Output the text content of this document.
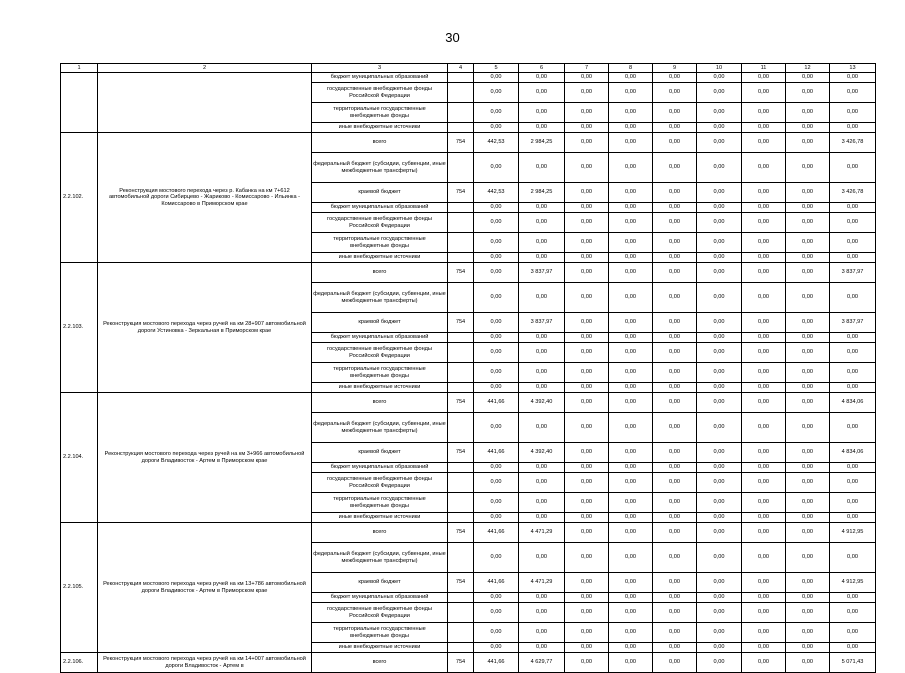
30
1	2	3	4	5	6	7	8	9	10	11	12	13
		бюджет муниципальных образований		0,00	0,00	0,00	0,00	0,00	0,00	0,00	0,00	0,00
		государственные внебюджетные фонды Российской Федерации		0,00	0,00	0,00	0,00	0,00	0,00	0,00	0,00	0,00
		территориальные государственные внебюджетные фонды		0,00	0,00	0,00	0,00	0,00	0,00	0,00	0,00	0,00
		иные внебюджетные источники		0,00	0,00	0,00	0,00	0,00	0,00	0,00	0,00	0,00
2.2.102.	Реконструкция мостового перехода через р. Кабанка на км 7+612 автомобильной дороги Сибирцево - Жариково - Комиссарово - Ильинка - Комиссарово в Приморском крае	всего	754	442,53	2 984,25	0,00	0,00	0,00	0,00	0,00	0,00	3 426,78
		федеральный бюджет (субсидии, субвенции, иные межбюджетные трансферты)		0,00	0,00	0,00	0,00	0,00	0,00	0,00	0,00	0,00
		краевой бюджет	754	442,53	2 984,25	0,00	0,00	0,00	0,00	0,00	0,00	3 426,78
		бюджет муниципальных образований		0,00	0,00	0,00	0,00	0,00	0,00	0,00	0,00	0,00
		государственные внебюджетные фонды Российской Федерации		0,00	0,00	0,00	0,00	0,00	0,00	0,00	0,00	0,00
		территориальные государственные внебюджетные фонды		0,00	0,00	0,00	0,00	0,00	0,00	0,00	0,00	0,00
		иные внебюджетные источники		0,00	0,00	0,00	0,00	0,00	0,00	0,00	0,00	0,00
2.2.103.	Реконструкция мостового перехода через ручей на км 28+907 автомобильной дороги Устиновка - Зеркальная в Приморском крае	всего	754	0,00	3 837,97	0,00	0,00	0,00	0,00	0,00	0,00	3 837,97
		федеральный бюджет (субсидии, субвенции, иные межбюджетные трансферты)		0,00	0,00	0,00	0,00	0,00	0,00	0,00	0,00	0,00
		краевой бюджет	754	0,00	3 837,97	0,00	0,00	0,00	0,00	0,00	0,00	3 837,97
		бюджет муниципальных образований		0,00	0,00	0,00	0,00	0,00	0,00	0,00	0,00	0,00
		государственные внебюджетные фонды Российской Федерации		0,00	0,00	0,00	0,00	0,00	0,00	0,00	0,00	0,00
		территориальные государственные внебюджетные фонды		0,00	0,00	0,00	0,00	0,00	0,00	0,00	0,00	0,00
		иные внебюджетные источники		0,00	0,00	0,00	0,00	0,00	0,00	0,00	0,00	0,00
2.2.104.	Реконструкция мостового перехода через ручей на км 3+966 автомобильной дороги Владивосток - Артем в Приморском крае	всего	754	441,66	4 392,40	0,00	0,00	0,00	0,00	0,00	0,00	4 834,06
		федеральный бюджет (субсидии, субвенции, иные межбюджетные трансферты)		0,00	0,00	0,00	0,00	0,00	0,00	0,00	0,00	0,00
		краевой бюджет	754	441,66	4 392,40	0,00	0,00	0,00	0,00	0,00	0,00	4 834,06
		бюджет муниципальных образований		0,00	0,00	0,00	0,00	0,00	0,00	0,00	0,00	0,00
		государственные внебюджетные фонды Российской Федерации		0,00	0,00	0,00	0,00	0,00	0,00	0,00	0,00	0,00
		территориальные государственные внебюджетные фонды		0,00	0,00	0,00	0,00	0,00	0,00	0,00	0,00	0,00
		иные внебюджетные источники		0,00	0,00	0,00	0,00	0,00	0,00	0,00	0,00	0,00
2.2.105.	Реконструкция мостового перехода через ручей на км 13+786 автомобильной дороги Владивосток - Артем в Приморском крае	всего	754	441,66	4 471,29	0,00	0,00	0,00	0,00	0,00	0,00	4 912,95
		федеральный бюджет (субсидии, субвенции, иные межбюджетные трансферты)		0,00	0,00	0,00	0,00	0,00	0,00	0,00	0,00	0,00
		краевой бюджет	754	441,66	4 471,29	0,00	0,00	0,00	0,00	0,00	0,00	4 912,95
		бюджет муниципальных образований		0,00	0,00	0,00	0,00	0,00	0,00	0,00	0,00	0,00
		государственные внебюджетные фонды Российской Федерации		0,00	0,00	0,00	0,00	0,00	0,00	0,00	0,00	0,00
		территориальные государственные внебюджетные фонды		0,00	0,00	0,00	0,00	0,00	0,00	0,00	0,00	0,00
		иные внебюджетные источники		0,00	0,00	0,00	0,00	0,00	0,00	0,00	0,00	0,00
2.2.106.	Реконструкция мостового перехода через ручей на км 14+007 автомобильной дороги Владивосток - Артем в	всего	754	441,66	4 629,77	0,00	0,00	0,00	0,00	0,00	0,00	5 071,43
